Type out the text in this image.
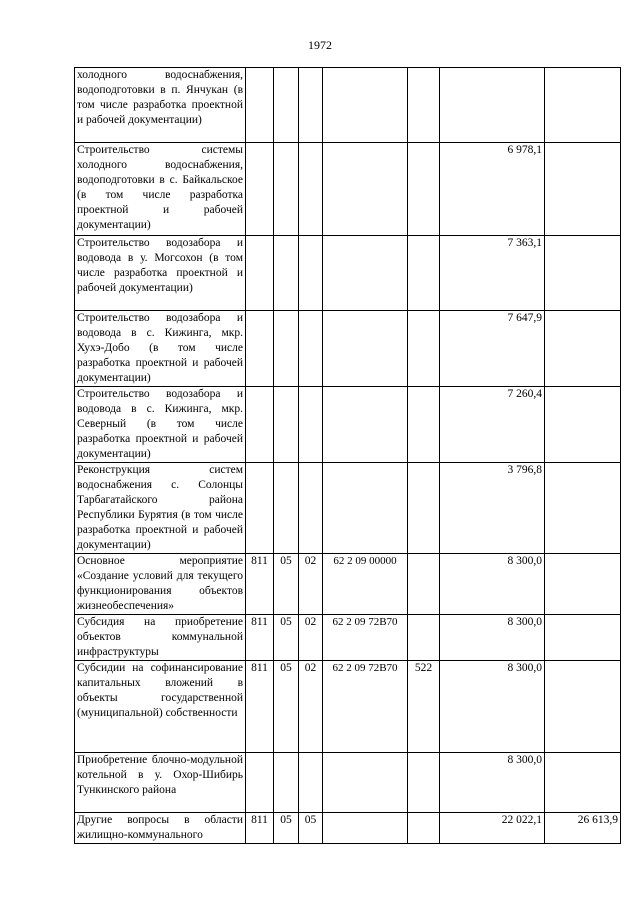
1972
холодного водоснабжения, водоподготовки в п. Янчукан (в том числе разработка проектной и рабочей документации)							
Строительство системы холодного водоснабжения, водоподготовки в с. Байкальское (в том числе разработка проектной и рабочей документации)						6 978,1	
Строительство водозабора и водовода в у. Могсохон (в том числе разработка проектной и рабочей документации)						7 363,1	
Строительство водозабора и водовода в с. Кижинга, мкр. Хухэ-Добо (в том числе разработка проектной и рабочей документации)						7 647,9	
Строительство водозабора и водовода в с. Кижинга, мкр. Северный (в том числе разработка проектной и рабочей документации)						7 260,4	
Реконструкция систем водоснабжения с. Солонцы Тарбагатайского района Республики Бурятия (в том числе разработка проектной и рабочей документации)						3 796,8	
Основное мероприятие «Создание условий для текущего функционирования объектов жизнеобеспечения»	811	05	02	62 2 09 00000		8 300,0	
Субсидия на приобретение объектов коммунальной инфраструктуры	811	05	02	62 2 09 72В70		8 300,0	
Субсидии на софинансирование капитальных вложений в объекты государственной (муниципальной) собственности	811	05	02	62 2 09 72В70	522	8 300,0	
Приобретение блочно-модульной котельной в у. Охор-Шибирь Тункинского района						8 300,0	
Другие вопросы в области жилищно-коммунального	811	05	05			22 022,1	26 613,9
